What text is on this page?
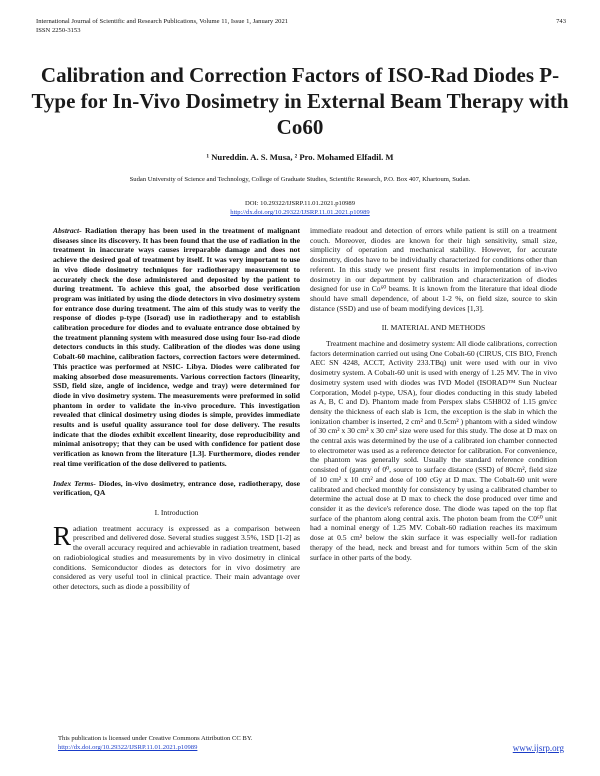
International Journal of Scientific and Research Publications, Volume 11, Issue 1, January 2021
ISSN 2250-3153
743
Calibration and Correction Factors of ISO-Rad Diodes P-Type for In-Vivo Dosimetry in External Beam Therapy with Co60
¹ Nureddin. A. S. Musa, ² Pro. Mohamed Elfadil. M
Sudan University of Science and Technology, College of Graduate Studies, Scientific Research, P.O. Box 407, Khartoum, Sudan.
DOI: 10.29322/IJSRP.11.01.2021.p10989
http://dx.doi.org/10.29322/IJSRP.11.01.2021.p10989

Abstract- Radiation therapy has been used in the treatment of malignant diseases since its discovery. It has been found that the use of radiation in the treatment in inaccurate ways causes irreparable damage and does not achieve the desired goal of treatment by itself. It was very important to use in vivo diode dosimetry techniques for radiotherapy measurement to accurately check the dose administered and deposited by the patient to during treatment. To achieve this goal, the absorbed dose verification program was initiated by using the diode detectors in vivo dosimetry system for entrance dose during treatment. The aim of this study was to verify the response of diodes p-type (Isorad) use in radiotherapy and to establish calibration procedure for diodes and to evaluate entrance dose obtained by the treatment planning system with measured dose using four Iso-rad diode detectors conducts in this study. Calibration of the diodes was done using Cobalt-60 machine, calibration factors, correction factors were determined. This practice was performed at NSIC- Libya. Diodes were calibrated for making absorbed dose measurements. Various correction factors (linearity, SSD, field size, angle of incidence, wedge and tray) were determined for diode in vivo dosimetry system. The measurements were preformed in solid phantom in order to validate the in-vivo procedure. This investigation revealed that clinical dosimetry using diodes is simple, provides immediate results and is useful quality assurance tool for dose delivery. The results indicate that the diodes exhibit excellent linearity, dose reproducibility and minimal anisotropy; that they can be used with confidence for patient dose verification as known from the literature [1.3]. Furthermore, diodes render real time verification of the dose delivered to patients.

Index Terms- Diodes, in-vivo dosimetry, entrance dose, radiotherapy, dose verification, QA

I. Introduction

Radiation treatment accuracy is expressed as a comparison between prescribed and delivered dose. Several studies suggest 3.5%, 1SD [1-2] as the overall accuracy required and achievable in radiation treatment, based on radiobiological studies and measurements by in vivo dosimetry in clinical conditions. Semiconductor diodes as detectors for in vivo dosimetry are considered as very useful tool in clinical practice. Their main advantage over other detectors, such as diode a possibility of

immediate readout and detection of errors while patient is still on a treatment couch. Moreover, diodes are known for their high sensitivity, small size, simplicity of operation and mechanical stability. However, for accurate dosimetry, diodes have to be individually characterized for conditions other than referent. In this study we present first results in implementation of in-vivo dosimetry in our department by calibration and characterization of diodes designed for use in Co⁶⁰ beams. It is known from the literature that ideal diode should have small dependence, of about 1-2 %, on field size, source to skin distance (SSD) and use of beam modifying devices [1,3].

II. MATERIAL AND METHODS

Treatment machine and dosimetry system: All diode calibrations, correction factors determination carried out using One Cobalt-60 (CIRUS, CIS BIO, French AEC SN 4248, ACCT, Activity 233.TBq) unit were used with our in vivo dosimetry system. A Cobalt-60 unit is used with energy of 1.25 MV. The in vivo dosimetry system used with diodes was IVD Model (ISORAD™ Sun Nuclear Corporation, Model p-type, USA), four diodes conducting in this study labeled as A, B, C and D). Phantom made from Perspex slabs C5H8O2 of 1.15 gm/cc density the thickness of each slab is 1cm, the exception is the slab in which the ionization chamber is inserted, 2 cm² and 0.5cm² ) phantom with a sided window of 30 cm² x 30 cm² x 30 cm² size were used for this study. The dose at D max on the central axis was determined by the use of a calibrated ion chamber connected to electrometer was used as a reference detector for calibration. For convenience, the phantom was generally sold. Usually the standard reference condition consisted of (gantry of 0⁰, source to surface distance (SSD) of 80cm², field size of 10 cm² x 10 cm² and dose of 100 cGy at D max. The Cobalt-60 unit were calibrated and checked monthly for consistency by using a calibrated chamber to determine the actual dose at D max to check the dose produced over time and consider it as the device's reference dose. The diode was taped on the top flat surface of the phantom along central axis. The photon beam from the C0⁶⁰ unit had a nominal energy of 1.25 MV. Cobalt-60 radiation reaches its maximum dose at 0.5 cm² below the skin surface it was especially well-for radiation therapy of the head, neck and breast and for tumors within 5cm of the skin surface in other parts of the body.

This publication is licensed under Creative Commons Attribution CC BY.
http://dx.doi.org/10.29322/IJSRP.11.01.2021.p10989	www.ijsrp.org
